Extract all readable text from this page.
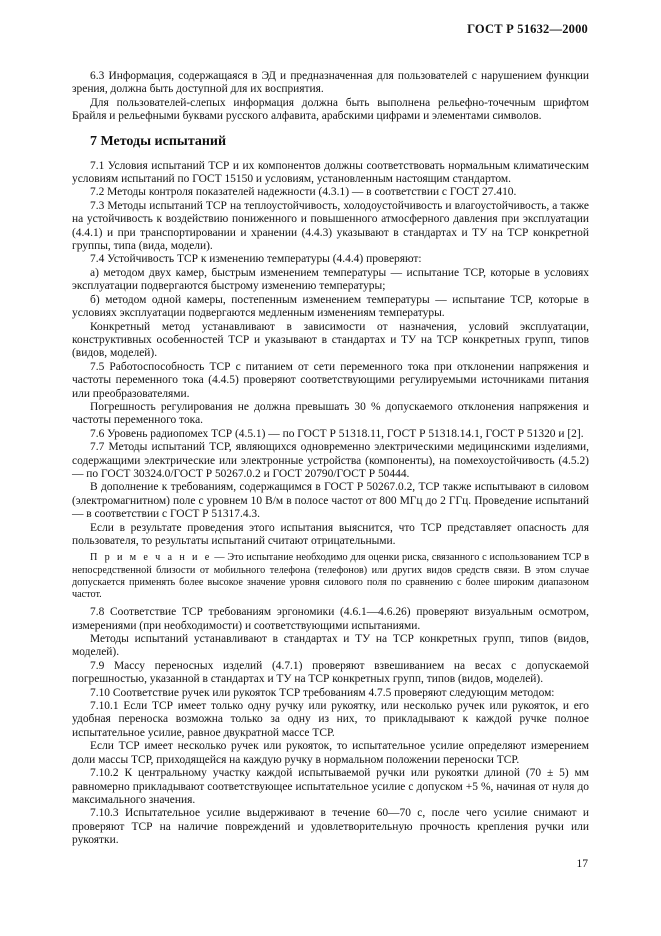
ГОСТ Р 51632—2000

6.3 Информация, содержащаяся в ЭД и предназначенная для пользователей с нарушением функции зрения, должна быть доступной для их восприятия.

Для пользователей-слепых информация должна быть выполнена рельефно-точечным шрифтом Брайля и рельефными буквами русского алфавита, арабскими цифрами и элементами символов.

7 Методы испытаний

7.1 Условия испытаний ТСР и их компонентов должны соответствовать нормальным климатическим условиям испытаний по ГОСТ 15150 и условиям, установленным настоящим стандартом.

7.2 Методы контроля показателей надежности (4.3.1) — в соответствии с ГОСТ 27.410.

7.3 Методы испытаний ТСР на теплоустойчивость, холодоустойчивость и влагоустойчивость, а также на устойчивость к воздействию пониженного и повышенного атмосферного давления при эксплуатации (4.4.1) и при транспортировании и хранении (4.4.3) указывают в стандартах и ТУ на ТСР конкретной группы, типа (вида, модели).

7.4 Устойчивость ТСР к изменению температуры (4.4.4) проверяют:

а) методом двух камер, быстрым изменением температуры — испытание ТСР, которые в условиях эксплуатации подвергаются быстрому изменению температуры;

б) методом одной камеры, постепенным изменением температуры — испытание ТСР, которые в условиях эксплуатации подвергаются медленным изменениям температуры.

Конкретный метод устанавливают в зависимости от назначения, условий эксплуатации, конструктивных особенностей ТСР и указывают в стандартах и ТУ на ТСР конкретных групп, типов (видов, моделей).

7.5 Работоспособность ТСР с питанием от сети переменного тока при отклонении напряжения и частоты переменного тока (4.4.5) проверяют соответствующими регулируемыми источниками питания или преобразователями.

Погрешность регулирования не должна превышать 30 % допускаемого отклонения напряжения и частоты переменного тока.

7.6 Уровень радиопомех ТСР (4.5.1) — по ГОСТ Р 51318.11, ГОСТ Р 51318.14.1, ГОСТ Р 51320 и [2].

7.7 Методы испытаний ТСР, являющихся одновременно электрическими медицинскими изделиями, содержащими электрические или электронные устройства (компоненты), на помехоустойчивость (4.5.2) — по ГОСТ 30324.0/ГОСТ Р 50267.0.2 и ГОСТ 20790/ГОСТ Р 50444.

В дополнение к требованиям, содержащимся в ГОСТ Р 50267.0.2, ТСР также испытывают в силовом (электромагнитном) поле с уровнем 10 В/м в полосе частот от 800 МГц до 2 ГГц. Проведение испытаний — в соответствии с ГОСТ Р 51317.4.3.

Если в результате проведения этого испытания выяснится, что ТСР представляет опасность для пользователя, то результаты испытаний считают отрицательными.

П р и м е ч а н и е — Это испытание необходимо для оценки риска, связанного с использованием ТСР в непосредственной близости от мобильного телефона (телефонов) или других видов средств связи. В этом случае допускается применять более высокое значение уровня силового поля по сравнению с более широким диапазоном частот.

7.8 Соответствие ТСР требованиям эргономики (4.6.1—4.6.26) проверяют визуальным осмотром, измерениями (при необходимости) и соответствующими испытаниями.

Методы испытаний устанавливают в стандартах и ТУ на ТСР конкретных групп, типов (видов, моделей).

7.9 Массу переносных изделий (4.7.1) проверяют взвешиванием на весах с допускаемой погрешностью, указанной в стандартах и ТУ на ТСР конкретных групп, типов (видов, моделей).

7.10 Соответствие ручек или рукояток ТСР требованиям 4.7.5 проверяют следующим методом:

7.10.1 Если ТСР имеет только одну ручку или рукоятку, или несколько ручек или рукояток, и его удобная переноска возможна только за одну из них, то прикладывают к каждой ручке полное испытательное усилие, равное двукратной массе ТСР.

Если ТСР имеет несколько ручек или рукояток, то испытательное усилие определяют измерением доли массы ТСР, приходящейся на каждую ручку в нормальном положении переноски ТСР.

7.10.2 К центральному участку каждой испытываемой ручки или рукоятки длиной (70 ± 5) мм равномерно прикладывают соответствующее испытательное усилие с допуском +5 %, начиная от нуля до максимального значения.

7.10.3 Испытательное усилие выдерживают в течение 60—70 с, после чего усилие снимают и проверяют ТСР на наличие повреждений и удовлетворительную прочность крепления ручки или рукоятки.

17
